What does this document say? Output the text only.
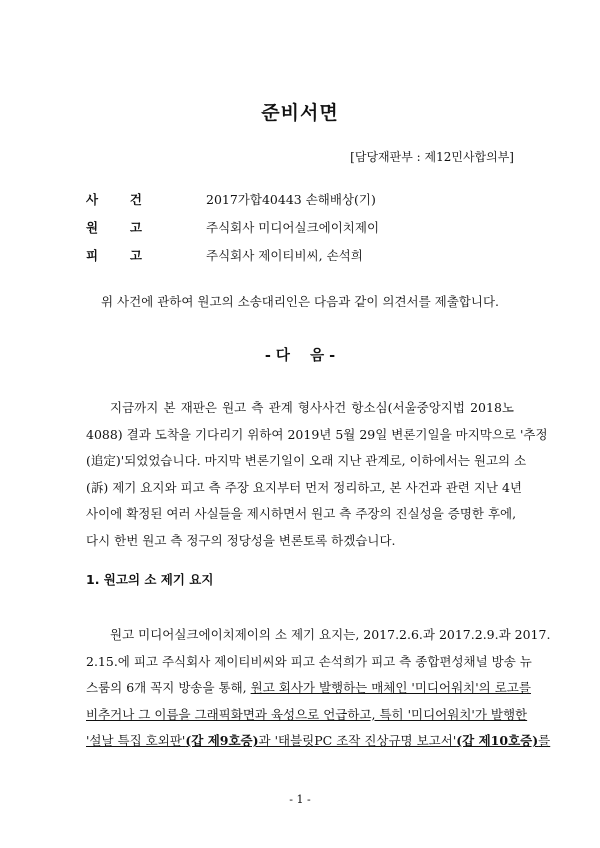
준비서면
[담당재판부 : 제12민사합의부]
사	건	2017가합40443 손해배상(기)
원	고	주식회사 미디어실크에이치제이
피	고	주식회사 제이티비씨, 손석희
위 사건에 관하여 원고의 소송대리인은 다음과 같이 의견서를 제출합니다.
- 다    음 -
지금까지 본 재판은 원고 측 관계 형사사건 항소심(서울중앙지법 2018노
4088) 결과 도착을 기다리기 위하여 2019년 5월 29일 변론기일을 마지막으로 '추정
(追定)'되었었습니다. 마지막 변론기일이 오래 지난 관계로, 이하에서는 원고의 소
(訴) 제기 요지와 피고 측 주장 요지부터 먼저 정리하고, 본 사건과 관련 지난 4년
사이에 확정된 여러 사실들을 제시하면서 원고 측 주장의 진실성을 증명한 후에,
다시 한번 원고 측 정구의 정당성을 변론토록 하겠습니다.
1. 원고의 소 제기 요지
원고 미디어실크에이치제이의 소 제기 요지는, 2017.2.6.과 2017.2.9.과 2017.
2.15.에 피고 주식회사 제이티비씨와 피고 손석희가 피고 측 종합편성채널 방송 뉴
스룸의 6개 꼭지 방송을 통해, 원고 회사가 발행하는 매체인 '미디어워치'의 로고를
비추거나 그 이름을 그래픽화면과 육성으로 언급하고, 특히 '미디어워치'가 발행한
'설날 특집 호외판'(갑 제9호증)과 '태블릿PC 조작 진상규명 보고서'(갑 제10호증)를
- 1 -
